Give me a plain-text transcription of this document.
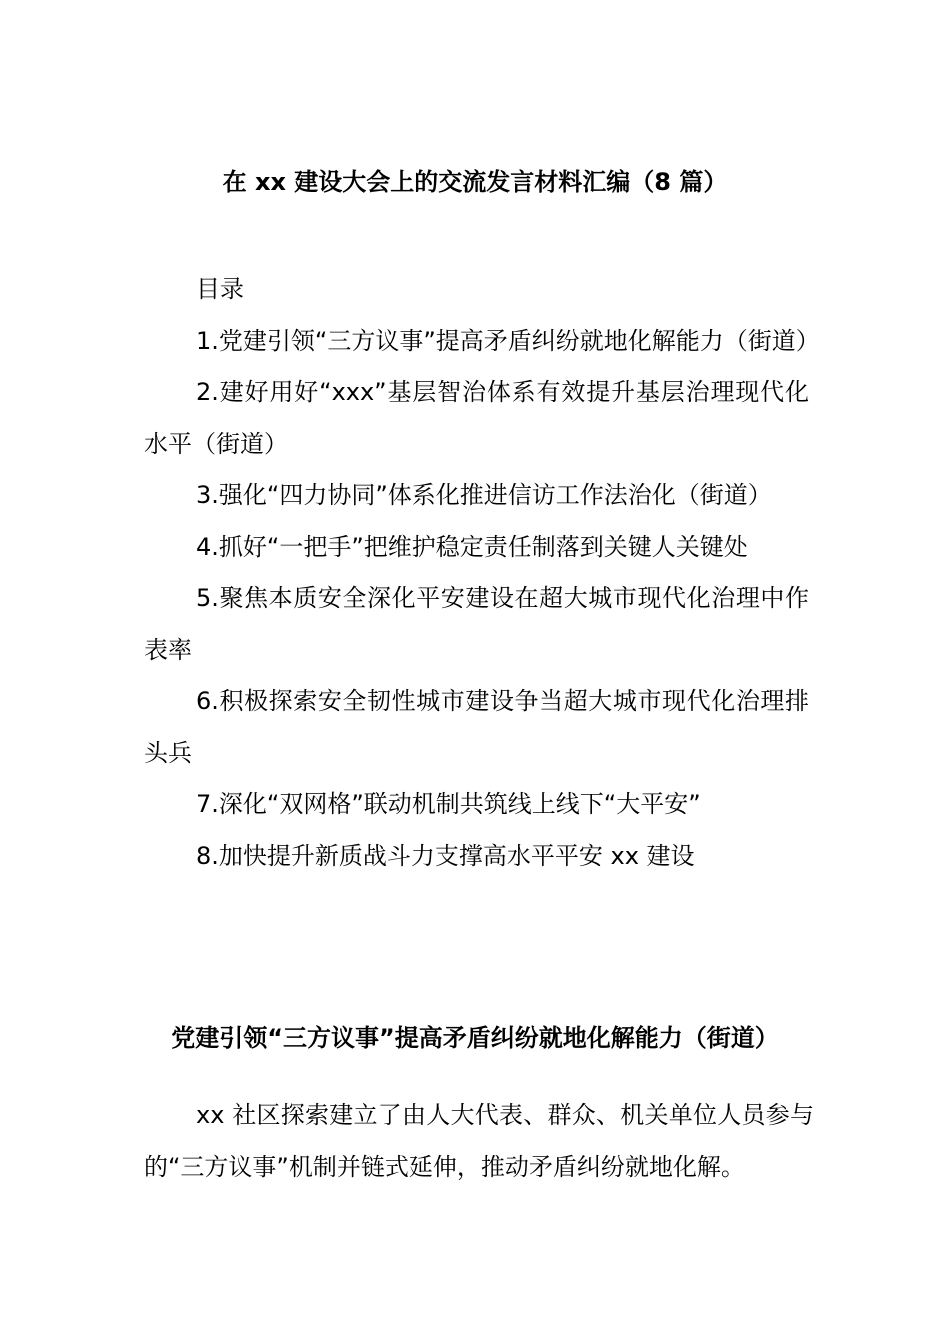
在 xx 建设大会上的交流发言材料汇编（8 篇）

目录

1.党建引领“三方议事”提高矛盾纠纷就地化解能力（街道）

2.建好用好“xxx”基层智治体系有效提升基层治理现代化水平（街道）

3.强化“四力协同”体系化推进信访工作法治化（街道）

4.抓好“一把手”把维护稳定责任制落到关键人关键处

5.聚焦本质安全深化平安建设在超大城市现代化治理中作表率

6.积极探索安全韧性城市建设争当超大城市现代化治理排头兵

7.深化“双网格”联动机制共筑线上线下“大平安”

8.加快提升新质战斗力支撑高水平平安 xx 建设

党建引领“三方议事”提高矛盾纠纷就地化解能力（街道）

xx 社区探索建立了由人大代表、群众、机关单位人员参与的“三方议事”机制并链式延伸，推动矛盾纠纷就地化解。
